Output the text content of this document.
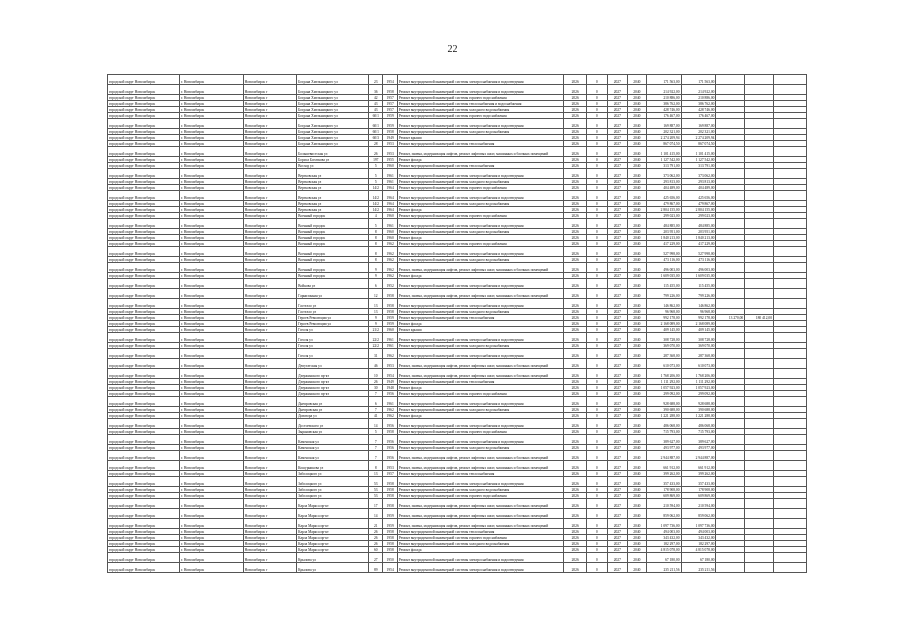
22
городской округ Новосибирск	г. Новосибирск	Новосибирск г	Богдана Хмельницкого ул	23	1954	Ремонт внутридомовой инженерной системы электроснабжения и водоотведения	2026	0	2027	2040	171 563,00	171 563,00			
городской округ Новосибирск	г. Новосибирск	Новосибирск г	Богдана Хмельницкого ул	36	1958	Ремонт внутридомовой инженерной системы электроснабжения и водоотведения	2026	0	2027	2040	214 922,00	214 922,00			
городской округ Новосибирск	г. Новосибирск	Новосибирск г	Богдана Хмельницкого ул	42	1957	Ремонт внутридомовой инженерной системы горячего водоснабжения	2026	0	2027	2040	210 886,00	210 886,00			
городской округ Новосибирск	г. Новосибирск	Новосибирск г	Богдана Хмельницкого ул	43	1957	Ремонт внутридомовой инженерной системы теплоснабжения и водоснабжения	2026	0	2027	2040	386 762,00	386 762,00			
городской округ Новосибирск	г. Новосибирск	Новосибирск г	Богдана Хмельницкого ул	43	1957	Ремонт внутридомовой инженерной системы холодного водоснабжения	2026	0	2027	2040	428 746,00	428 746,00			
городской округ Новосибирск	г. Новосибирск	Новосибирск г	Богдана Хмельницкого ул	60/1	1959	Ремонт внутридомовой инженерной системы горячего водоснабжения	2026	0	2027	2040	176 467,00	176 467,00			
городской округ Новосибирск	г. Новосибирск	Новосибирск г	Богдана Хмельницкого ул	60/1	1959	Ремонт внутридомовой инженерной системы электроснабжения и водоотведения	2026	0	2027	2040	169 887,00	169 887,00			
городской округ Новосибирск	г. Новосибирск	Новосибирск г	Богдана Хмельницкого ул	60/1	1958	Ремонт внутридомовой инженерной системы холодного водоснабжения	2026	0	2027	2040	202 321,00	202 321,00			
городской округ Новосибирск	г. Новосибирск	Новосибирск г	Богдана Хмельницкого ул	60/3	1949	Ремонт крыши	2026	0	2027	2040	2 274 209,94	2 274 209,94			
городской округ Новосибирск	г. Новосибирск	Новосибирск г	Богдана Хмельницкого ул	28	1953	Ремонт внутридомовой инженерной системы теплоснабжения	2026	0	2027	2040	867 074,50	867 074,50			
городской округ Новосибирск	г. Новосибирск	Новосибирск г	Большевистская ул	26	1953	Ремонт, замена, модернизация лифтов, ремонт лифтовых шахт, машинных и блочных помещений	2026	0	2027	2040	1 101 415,00	1 101 415,00			
городской округ Новосибирск	г. Новосибирск	Новосибирск г	Бориса Богаткова ул	197	1955	Ремонт фасада	2026	0	2027	2040	1 127 542,00	1 127 542,00			
городской округ Новосибирск	г. Новосибирск	Новосибирск г	Восход ул	5	1960	Ремонт внутридомовой инженерной системы теплоснабжения	2026	0	2027	2040	313 791,00	313 791,00			
городской округ Новосибирск	г. Новосибирск	Новосибирск г	Вертковская ул	5	1961	Ремонт внутридомовой инженерной системы электроснабжения и водоотведения	2026	0	2027	2040	373 062,00	373 062,00			
городской округ Новосибирск	г. Новосибирск	Новосибирск г	Вертковская ул	5	1961	Ремонт внутридомовой инженерной системы холодного водоснабжения	2026	0	2027	2040	293 813,00	293 813,00			
городской округ Новосибирск	г. Новосибирск	Новосибирск г	Вертковская ул	14/2	1964	Ремонт внутридомовой инженерной системы горячего водоснабжения	2026	0	2027	2040	404 489,00	404 489,00			
городской округ Новосибирск	г. Новосибирск	Новосибирск г	Вертковская ул	14/2	1964	Ремонт внутридомовой инженерной системы электроснабжения и водоотведения	2026	0	2027	2040	425 656,00	425 656,00			
городской округ Новосибирск	г. Новосибирск	Новосибирск г	Вертковская ул	14/2	1964	Ремонт внутридомовой инженерной системы холодного водоснабжения	2026	0	2027	2040	479 867,00	479 867,00			
городской округ Новосибирск	г. Новосибирск	Новосибирск г	Вертковская ул	14/2	1964	Ремонт фасада	2026	0	2027	2040	2 804 155,00	2 804 155,00			
городской округ Новосибирск	г. Новосибирск	Новосибирск г	Военный городок	4	1960	Ремонт внутридомовой инженерной системы горячего водоснабжения	2026	0	2027	2040	299 023,00	299 023,00			
городской округ Новосибирск	г. Новосибирск	Новосибирск г	Военный городок	5	1961	Ремонт внутридомовой инженерной системы электроснабжения и водоотведения	2026	0	2027	2040	484 885,00	484 885,00			
городской округ Новосибирск	г. Новосибирск	Новосибирск г	Военный городок	8	1960	Ремонт внутридомовой инженерной системы холодного водоснабжения	2026	0	2027	2040	203 951,00	203 951,00			
городской округ Новосибирск	г. Новосибирск	Новосибирск г	Военный городок	8	1960	Ремонт фасада	2026	0	2027	2040	1 840 213,00	1 840 213,00			
городской округ Новосибирск	г. Новосибирск	Новосибирск г	Военный городок	8	1962	Ремонт внутридомовой инженерной системы горячего водоснабжения	2026	0	2027	2040	417 229,00	417 229,00			
городской округ Новосибирск	г. Новосибирск	Новосибирск г	Военный городок	8	1962	Ремонт внутридомовой инженерной системы электроснабжения и водоотведения	2026	0	2027	2040	527 998,00	527 998,00			
городской округ Новосибирск	г. Новосибирск	Новосибирск г	Военный городок	8	1962	Ремонт внутридомовой инженерной системы холодного водоснабжения	2026	0	2027	2040	473 116,00	473 116,00			
городской округ Новосибирск	г. Новосибирск	Новосибирск г	Военный городок	9	1962	Ремонт, замена, модернизация лифтов, ремонт лифтовых шахт, машинных и блочных помещений	2026	0	2027	2040	496 003,00	496 003,00			
городской округ Новосибирск	г. Новосибирск	Новосибирск г	Военный городок	9	1962	Ремонт фасада	2026	0	2027	2040	1 609 035,00	1 609 035,00			
городской округ Новосибирск	г. Новосибирск	Новосибирск г	Войкова ул	6	1952	Ремонт внутридомовой инженерной системы электроснабжения и водоотведения	2026	0	2027	2040	115 455,00	115 455,00			
городской округ Новосибирск	г. Новосибирск	Новосибирск г	Гарнизонная ул	12	1958	Ремонт, замена, модернизация лифтов, ремонт лифтовых шахт, машинных и блочных помещений	2026	0	2027	2040	799 226,00	799 226,00			
городской округ Новосибирск	г. Новосибирск	Новосибирск г	Гастелло ул	13	1958	Ремонт внутридомовой инженерной системы электроснабжения и водоотведения	2026	0	2027	2040	146 862,00	146 862,00			
городской округ Новосибирск	г. Новосибирск	Новосибирск г	Гастелло ул	13	1958	Ремонт внутридомовой инженерной системы холодного водоснабжения	2026	0	2027	2040	96 968,00	96 968,00			
городской округ Новосибирск	г. Новосибирск	Новосибирск г	Героев Революции ул	9	1959	Ремонт внутридомовой инженерной системы теплоснабжения	2026	0	2027	2040	992 178,00	992 178,00	13 270,00	180 412,00	
городской округ Новосибирск	г. Новосибирск	Новосибирск г	Героев Революции ул	9	1959	Ремонт фасада	2026	0	2027	2040	2 168 089,00	2 168 089,00			
городской округ Новосибирск	г. Новосибирск	Новосибирск г	Гоголя ул	21/2	1960	Ремонт крыши	2026	0	2027	2040	409 145,00	409 145,00			
городской округ Новосибирск	г. Новосибирск	Новосибирск г	Гоголя ул	22/2	1961	Ремонт внутридомовой инженерной системы электроснабжения и водоотведения	2026	0	2027	2040	308 728,00	308 728,00			
городской округ Новосибирск	г. Новосибирск	Новосибирск г	Гоголя ул	22/2	1961	Ремонт внутридомовой инженерной системы холодного водоснабжения	2026	0	2027	2040	369 070,00	369 070,00			
городской округ Новосибирск	г. Новосибирск	Новосибирск г	Гоголя ул	31	1962	Ремонт внутридомовой инженерной системы электроснабжения и водоотведения	2026	0	2027	2040	287 368,00	287 368,00			
городской округ Новосибирск	г. Новосибирск	Новосибирск г	Депутатская ул	46	1953	Ремонт, замена, модернизация лифтов, ремонт лифтовых шахт, машинных и блочных помещений	2026	0	2027	2040	610 073,00	610 073,00			
городской округ Новосибирск	г. Новосибирск	Новосибирск г	Дзержинского пр-кт	10	1954	Ремонт, замена, модернизация лифтов, ремонт лифтовых шахт, машинных и блочных помещений	2026	0	2027	2040	1 768 206,00	1 768 206,00			
городской округ Новосибирск	г. Новосибирск	Новосибирск г	Дзержинского пр-кт	26	1949	Ремонт внутридомовой инженерной системы теплоснабжения	2026	0	2027	2040	1 111 292,00	1 111 292,00			
городской округ Новосибирск	г. Новосибирск	Новосибирск г	Дзержинского пр-кт	30	1948	Ремонт фасада	2026	0	2027	2040	1 057 923,00	1 057 923,00			
городской округ Новосибирск	г. Новосибирск	Новосибирск г	Дзержинского пр-кт	7	1956	Ремонт внутридомовой инженерной системы горячего водоснабжения	2026	0	2027	2040	299 092,00	299 092,00			
городской округ Новосибирск	г. Новосибирск	Новосибирск г	Днепровская ул	6	1961	Ремонт внутридомовой инженерной системы электроснабжения и водоотведения	2026	0	2027	2040	928 688,00	928 688,00			
городской округ Новосибирск	г. Новосибирск	Новосибирск г	Днепровская ул	7	1962	Ремонт внутридомовой инженерной системы холодного водоснабжения	2026	0	2027	2040	390 688,00	390 688,00			
городской округ Новосибирск	г. Новосибирск	Новосибирск г	Доватора ул	41	1962	Ремонт фасада	2026	0	2027	2040	1 221 288,00	1 221 288,00			
городской округ Новосибирск	г. Новосибирск	Новосибирск г	Достоевского ул	14	1956	Ремонт внутридомовой инженерной системы электроснабжения и водоотведения	2026	0	2027	2040	486 068,00	486 068,00			
городской округ Новосибирск	г. Новосибирск	Новосибирск г	Зыряновская ул	5	1958	Ремонт внутридомовой инженерной системы горячего водоснабжения	2026	0	2027	2040	715 793,00	715 793,00			
городской округ Новосибирск	г. Новосибирск	Новосибирск г	Каменская ул	7	1956	Ремонт внутридомовой инженерной системы электроснабжения и водоотведения	2026	0	2027	2040	389 627,00	389 627,00			
городской округ Новосибирск	г. Новосибирск	Новосибирск г	Каменская ул	7	1956	Ремонт внутридомовой инженерной системы холодного водоснабжения	2026	0	2027	2040	493 977,00	493 977,00			
городской округ Новосибирск	г. Новосибирск	Новосибирск г	Каменская ул	7	1956	Ремонт, замена, модернизация лифтов, ремонт лифтовых шахт, машинных и блочных помещений	2026	0	2027	2040	2 944 887,00	2 944 887,00			
городской округ Новосибирск	г. Новосибирск	Новосибирск г	Кошурникова ул	8	1953	Ремонт, замена, модернизация лифтов, ремонт лифтовых шахт, машинных и блочных помещений	2026	0	2027	2040	661 912,00	661 912,00			
городской округ Новосибирск	г. Новосибирск	Новосибирск г	Заболоцкого ул	13	1957	Ремонт внутридомовой инженерной системы теплоснабжения	2026	0	2027	2040	399 262,00	399 262,00			
городской округ Новосибирск	г. Новосибирск	Новосибирск г	Заболоцкого ул	53	1958	Ремонт внутридомовой инженерной системы электроснабжения и водоотведения	2026	0	2027	2040	357 433,00	357 433,00			
городской округ Новосибирск	г. Новосибирск	Новосибирск г	Заболоцкого ул	53	1958	Ремонт внутридомовой инженерной системы холодного водоснабжения	2026	0	2027	2040	178 908,00	178 908,00			
городской округ Новосибирск	г. Новосибирск	Новосибирск г	Заболоцкого ул	53	1958	Ремонт внутридомовой инженерной системы горячего водоснабжения	2026	0	2027	2040	609 869,00	609 869,00			
городской округ Новосибирск	г. Новосибирск	Новосибирск г	Карла Маркса пр-кт	17	1958	Ремонт, замена, модернизация лифтов, ремонт лифтовых шахт, машинных и блочных помещений	2026	0	2027	2040	210 594,00	210 594,00			
городской округ Новосибирск	г. Новосибирск	Новосибирск г	Карла Маркса пр-кт	14	1959	Ремонт, замена, модернизация лифтов, ремонт лифтовых шахт, машинных и блочных помещений	2026	0	2027	2040	859 062,00	859 062,00			
городской округ Новосибирск	г. Новосибирск	Новосибирск г	Карла Маркса пр-кт	21	1959	Ремонт, замена, модернизация лифтов, ремонт лифтовых шахт, машинных и блочных помещений	2026	0	2027	2040	1 097 736,00	1 097 736,00			
городской округ Новосибирск	г. Новосибирск	Новосибирск г	Карла Маркса пр-кт	26	1958	Ремонт внутридомовой инженерной системы теплоснабжения	2026	0	2027	2040	494 003,00	494 003,00			
городской округ Новосибирск	г. Новосибирск	Новосибирск г	Карла Маркса пр-кт	26	1958	Ремонт внутридомовой инженерной системы горячего водоснабжения	2026	0	2027	2040	343 432,00	343 432,00			
городской округ Новосибирск	г. Новосибирск	Новосибирск г	Карла Маркса пр-кт	26	1958	Ремонт внутридомовой инженерной системы холодного водоснабжения	2026	0	2027	2040	182 297,00	182 297,00			
городской округ Новосибирск	г. Новосибирск	Новосибирск г	Карла Маркса пр-кт	60	1958	Ремонт фасада	2026	0	2027	2040	4 815 078,00	4 815 078,00			
городской округ Новосибирск	г. Новосибирск	Новосибирск г	Крылова ул	27	1950	Ремонт внутридомовой инженерной системы электроснабжения и водоотведения	2026	0	2027	2040	67 180,00	67 180,00			
городской округ Новосибирск	г. Новосибирск	Новосибирск г	Крылова ул	89	1954	Ремонт внутридомовой инженерной системы электроснабжения и водоотведения	2026	0	2027	2040	235 211,56	235 211,56			
